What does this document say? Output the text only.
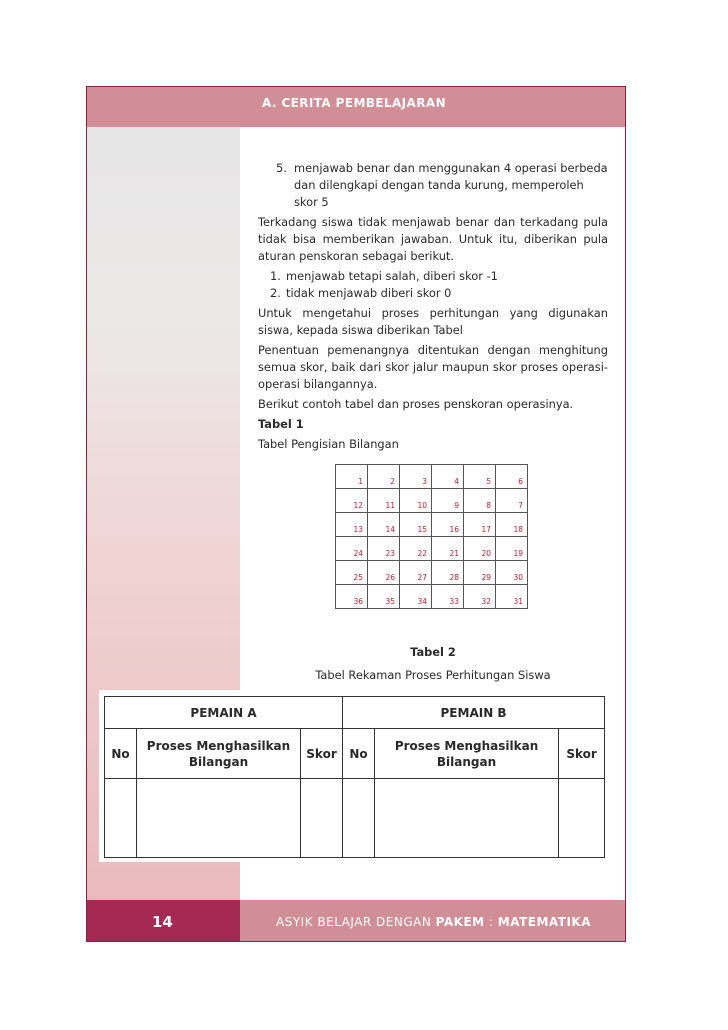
A. CERITA PEMBELAJARAN
5. menjawab benar dan menggunakan 4 operasi berbeda dan dilengkapi dengan tanda kurung, memperoleh skor 5

Terkadang siswa tidak menjawab benar dan terkadang pula tidak bisa memberikan jawaban. Untuk itu, diberikan pula aturan penskoran sebagai berikut.

1. menjawab tetapi salah, diberi skor -1
2. tidak menjawab diberi skor 0

Untuk mengetahui proses perhitungan yang digunakan siswa, kepada siswa diberikan Tabel

Penentuan pemenangnya ditentukan dengan menghitung semua skor, baik dari skor jalur maupun skor proses operasi-operasi bilangannya.

Berikut contoh tabel dan proses penskoran operasinya.

Tabel 1

Tabel Pengisian Bilangan

1	2	3	4	5	6
12	11	10	9	8	7
13	14	15	16	17	18
24	23	22	21	20	19
25	26	27	28	29	30
36	35	34	33	32	31

Tabel 2

Tabel Rekaman Proses Perhitungan Siswa

PEMAIN A			PEMAIN B		
No	Proses Menghasilkan Bilangan	Skor	No	Proses Menghasilkan Bilangan	Skor

14	ASYIK BELAJAR DENGAN PAKEM : MATEMATIKA
